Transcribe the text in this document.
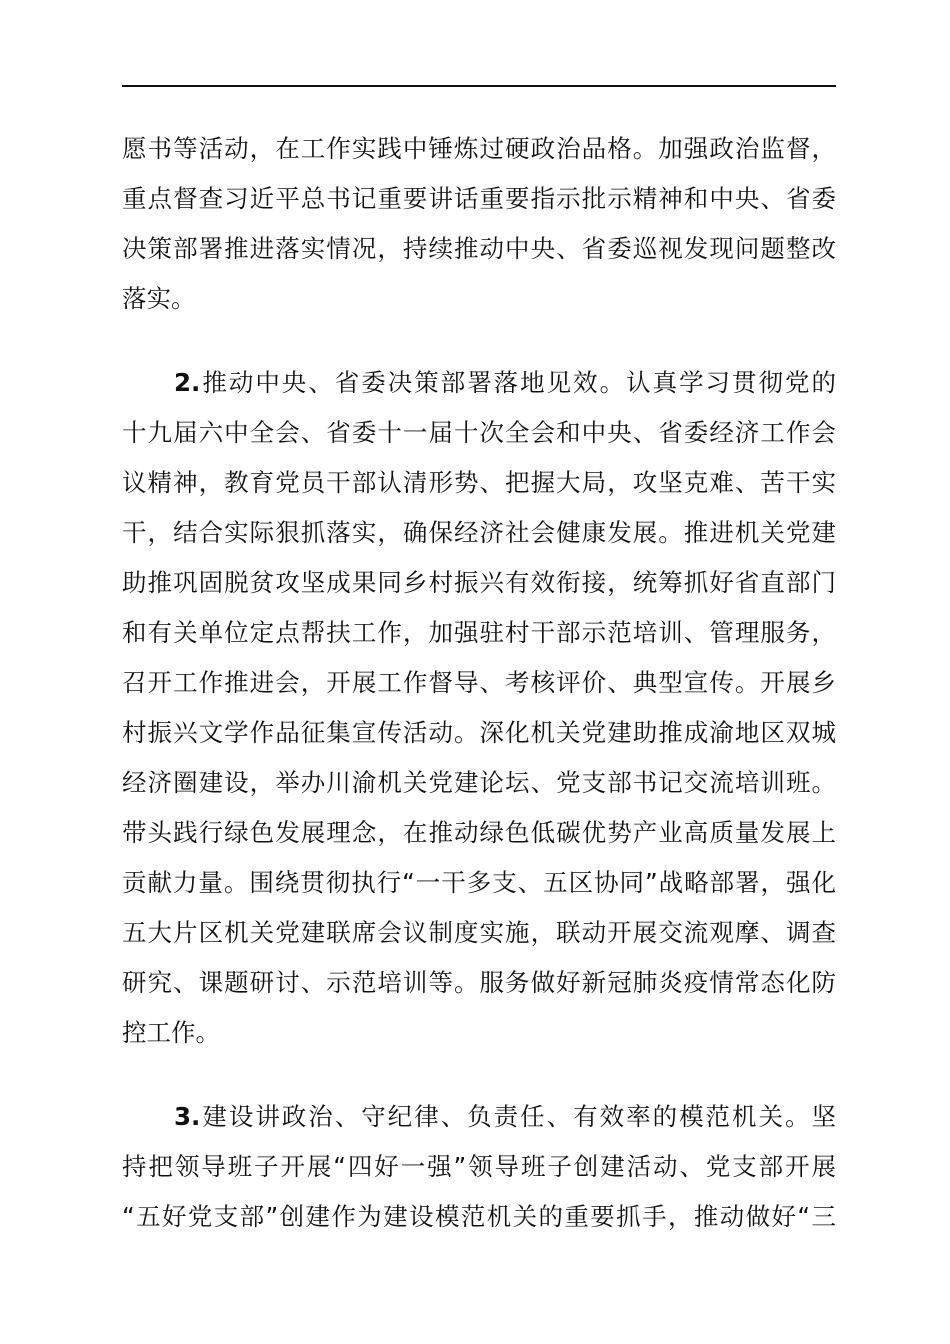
愿书等活动，在工作实践中锤炼过硬政治品格。加强政治监督，
重点督查习近平总书记重要讲话重要指示批示精神和中央、省委
决策部署推进落实情况，持续推动中央、省委巡视发现问题整改
落实。
2.推动中央、省委决策部署落地见效。认真学习贯彻党的
十九届六中全会、省委十一届十次全会和中央、省委经济工作会
议精神，教育党员干部认清形势、把握大局，攻坚克难、苦干实
干，结合实际狠抓落实，确保经济社会健康发展。推进机关党建
助推巩固脱贫攻坚成果同乡村振兴有效衔接，统筹抓好省直部门
和有关单位定点帮扶工作，加强驻村干部示范培训、管理服务，
召开工作推进会，开展工作督导、考核评价、典型宣传。开展乡
村振兴文学作品征集宣传活动。深化机关党建助推成渝地区双城
经济圈建设，举办川渝机关党建论坛、党支部书记交流培训班。
带头践行绿色发展理念，在推动绿色低碳优势产业高质量发展上
贡献力量。围绕贯彻执行“一干多支、五区协同”战略部署，强化
五大片区机关党建联席会议制度实施，联动开展交流观摩、调查
研究、课题研讨、示范培训等。服务做好新冠肺炎疫情常态化防
控工作。
3.建设讲政治、守纪律、负责任、有效率的模范机关。坚
持把领导班子开展“四好一强”领导班子创建活动、党支部开展
“五好党支部”创建作为建设模范机关的重要抓手，推动做好“三
